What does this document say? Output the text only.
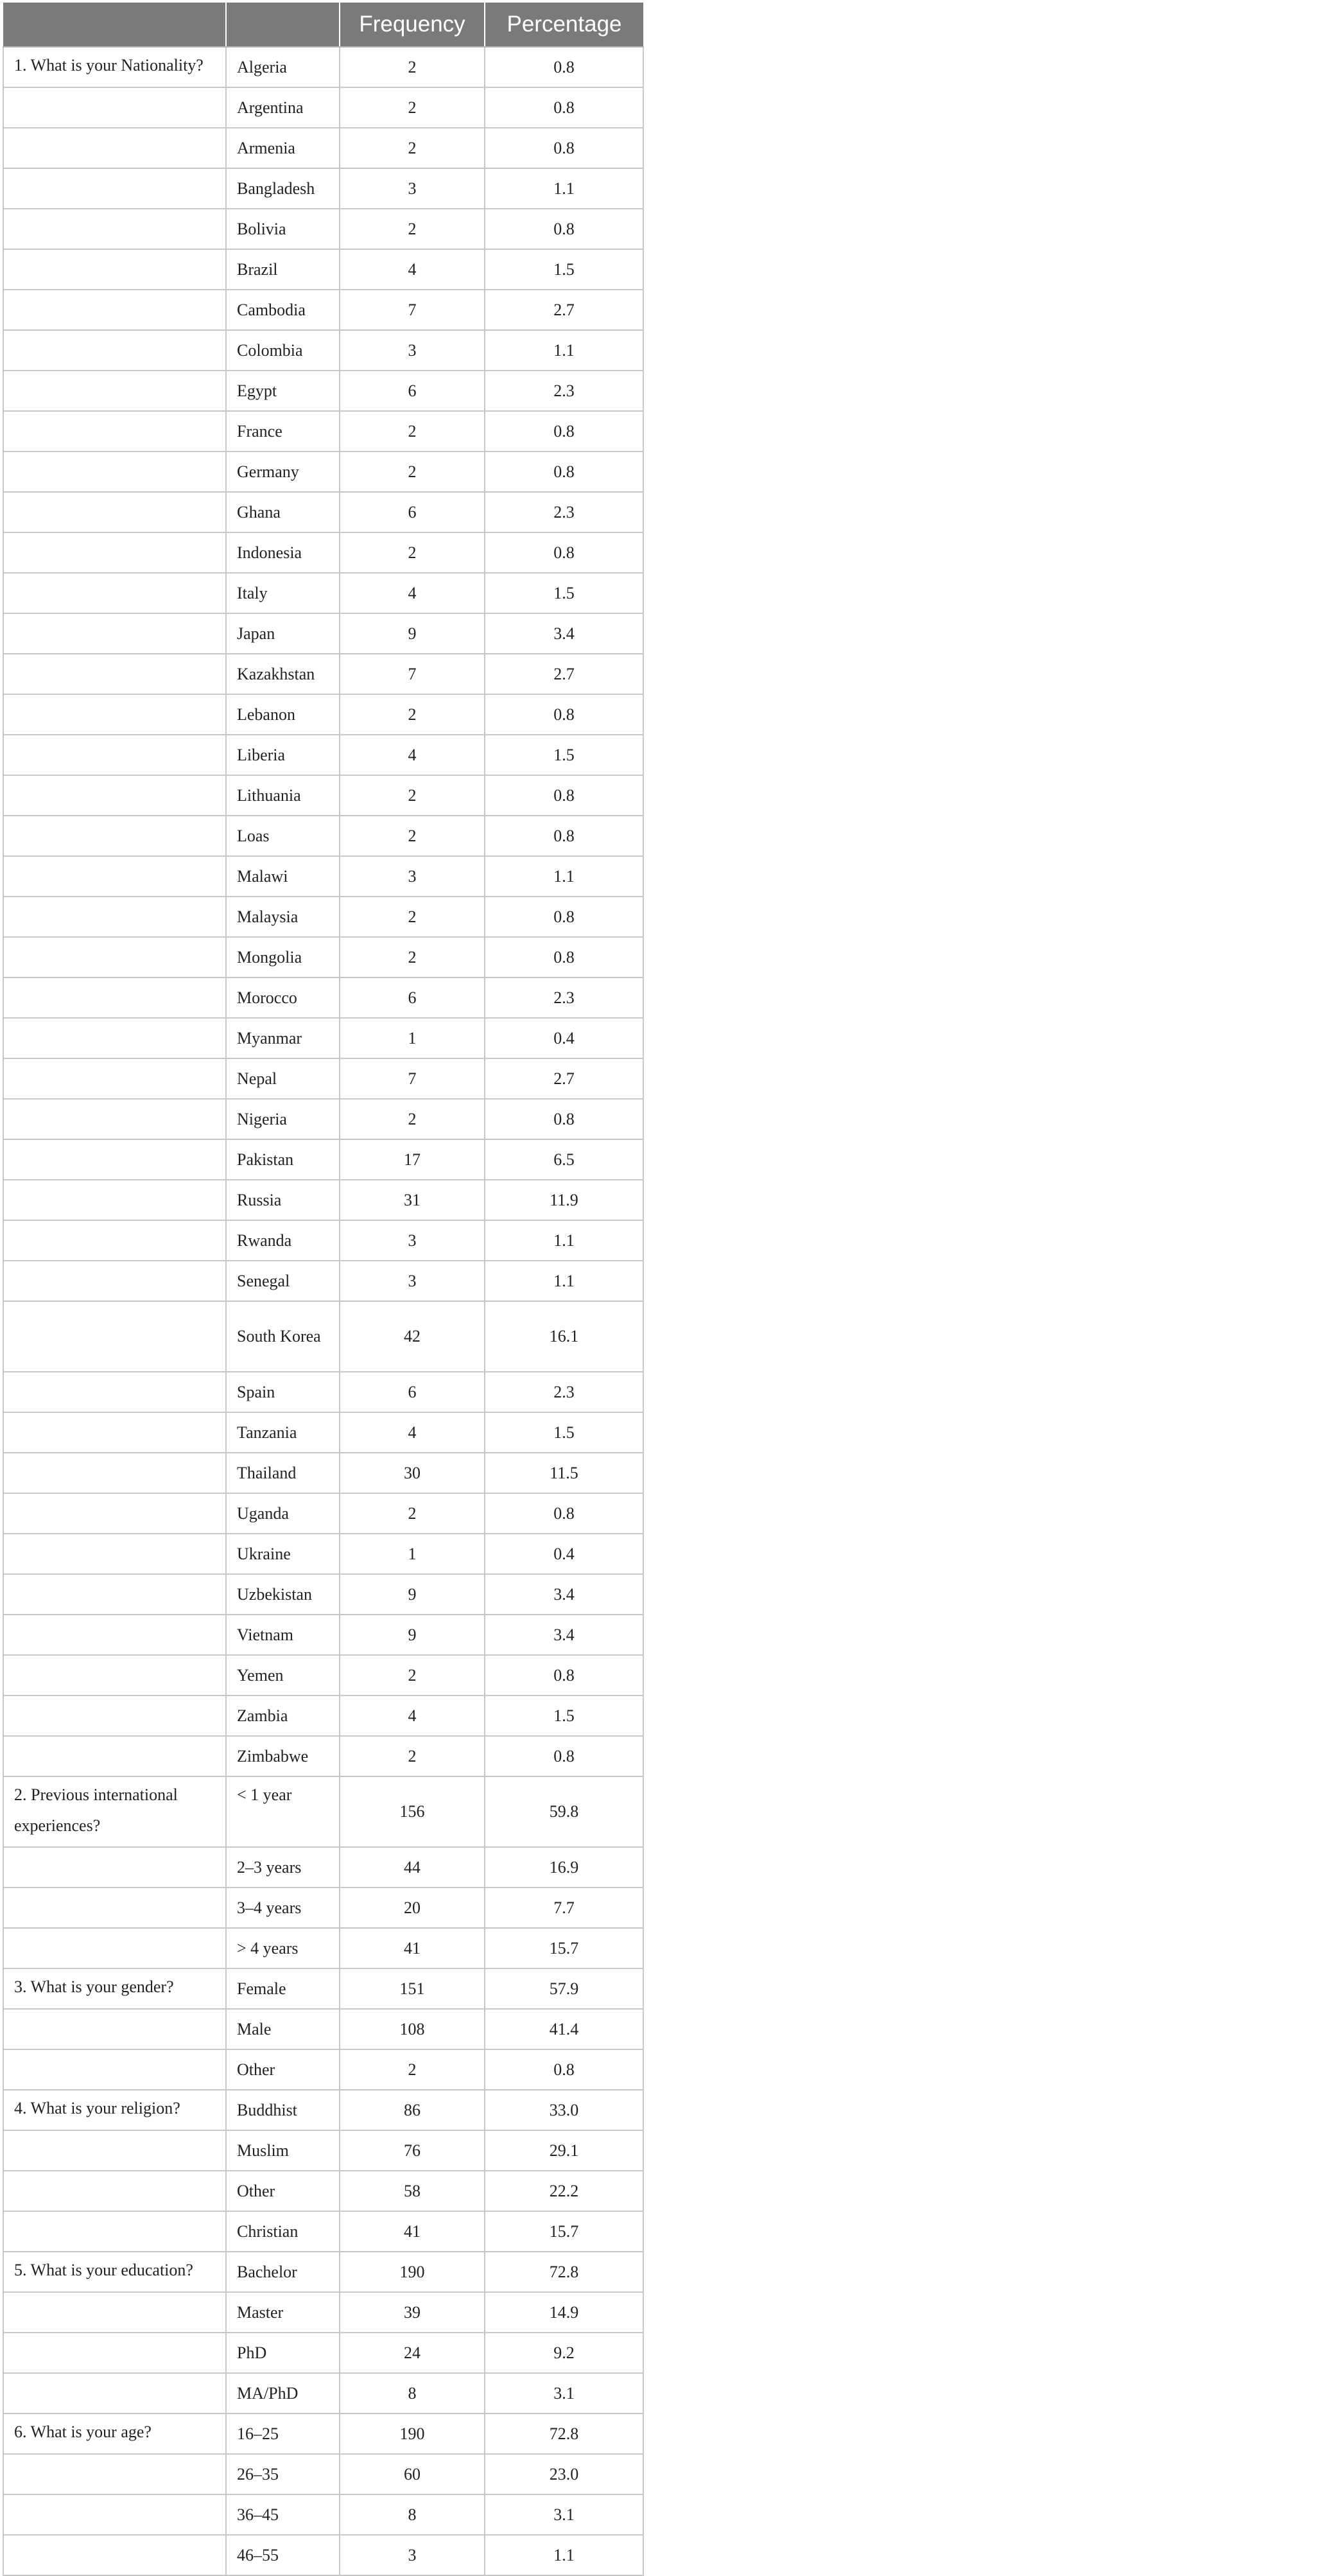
		Frequency	Percentage
1. What is your Nationality?	Algeria	2	0.8
	Argentina	2	0.8
	Armenia	2	0.8
	Bangladesh	3	1.1
	Bolivia	2	0.8
	Brazil	4	1.5
	Cambodia	7	2.7
	Colombia	3	1.1
	Egypt	6	2.3
	France	2	0.8
	Germany	2	0.8
	Ghana	6	2.3
	Indonesia	2	0.8
	Italy	4	1.5
	Japan	9	3.4
	Kazakhstan	7	2.7
	Lebanon	2	0.8
	Liberia	4	1.5
	Lithuania	2	0.8
	Loas	2	0.8
	Malawi	3	1.1
	Malaysia	2	0.8
	Mongolia	2	0.8
	Morocco	6	2.3
	Myanmar	1	0.4
	Nepal	7	2.7
	Nigeria	2	0.8
	Pakistan	17	6.5
	Russia	31	11.9
	Rwanda	3	1.1
	Senegal	3	1.1
	South Korea	42	16.1
	Spain	6	2.3
	Tanzania	4	1.5
	Thailand	30	11.5
	Uganda	2	0.8
	Ukraine	1	0.4
	Uzbekistan	9	3.4
	Vietnam	9	3.4
	Yemen	2	0.8
	Zambia	4	1.5
	Zimbabwe	2	0.8
2. Previous international experiences?	< 1 year	156	59.8
	2–3 years	44	16.9
	3–4 years	20	7.7
	> 4 years	41	15.7
3. What is your gender?	Female	151	57.9
	Male	108	41.4
	Other	2	0.8
4. What is your religion?	Buddhist	86	33.0
	Muslim	76	29.1
	Other	58	22.2
	Christian	41	15.7
5. What is your education?	Bachelor	190	72.8
	Master	39	14.9
	PhD	24	9.2
	MA/PhD	8	3.1
6. What is your age?	16–25	190	72.8
	26–35	60	23.0
	36–45	8	3.1
	46–55	3	1.1
